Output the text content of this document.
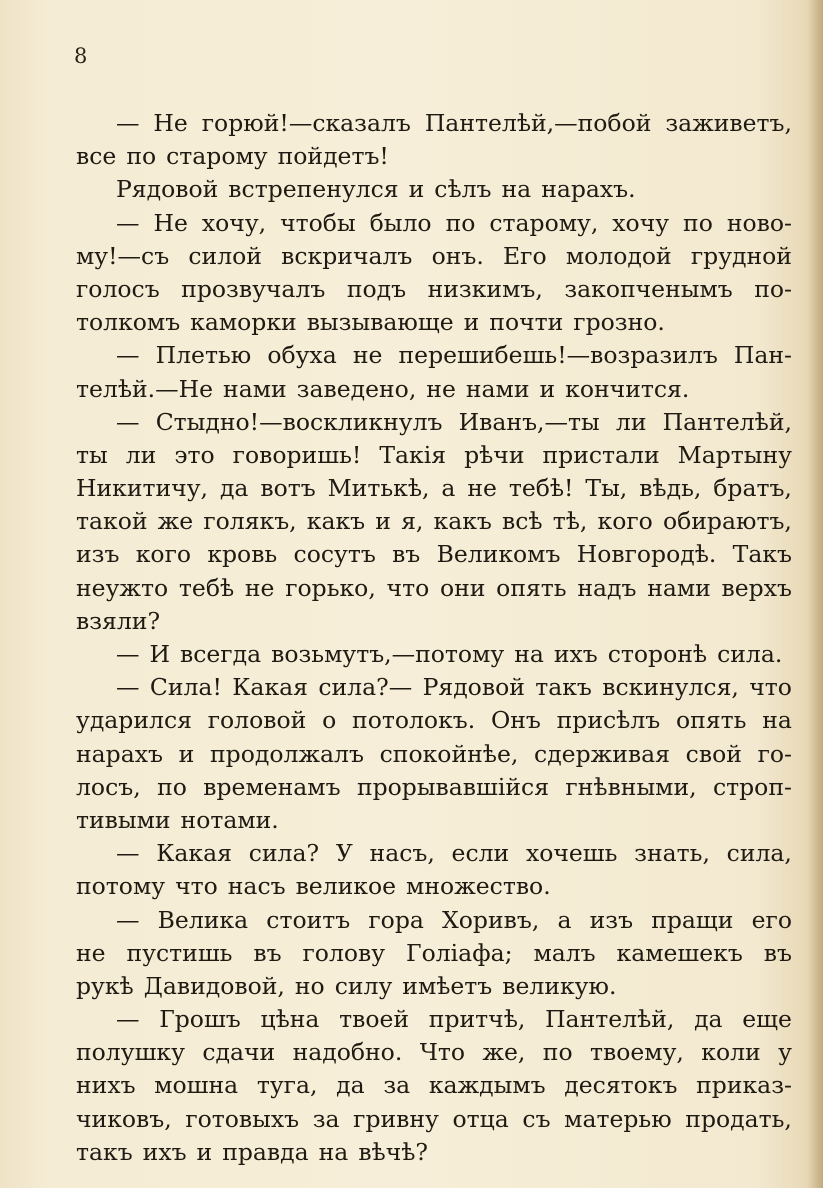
8
— Не горюй!—сказалъ Пантелѣй,—побой заживетъ,
все по старому пойдетъ!
Рядовой встрепенулся и сѣлъ на нарахъ.
— Не хочу, чтобы было по старому, хочу по ново-
му!—съ силой вскричалъ онъ. Его молодой грудной
голосъ прозвучалъ подъ низкимъ, закопченымъ по-
толкомъ каморки вызывающе и почти грозно.
— Плетью обуха не перешибешь!—возразилъ Пан-
телѣй.—Не нами заведено, не нами и кончится.
— Стыдно!—воскликнулъ Иванъ,—ты ли Пантелѣй,
ты ли это говоришь! Такія рѣчи пристали Мартыну
Никитичу, да вотъ Митькѣ, а не тебѣ! Ты, вѣдь, братъ,
такой же голякъ, какъ и я, какъ всѣ тѣ, кого обираютъ,
изъ кого кровь сосутъ въ Великомъ Новгородѣ. Такъ
неужто тебѣ не горько, что они опять надъ нами верхъ
взяли?
— И всегда возьмутъ,—потому на ихъ сторонѣ сила.
— Сила! Какая сила?— Рядовой такъ вскинулся, что
ударился головой о потолокъ. Онъ присѣлъ опять на
нарахъ и продолжалъ спокойнѣе, сдерживая свой го-
лосъ, по временамъ прорывавшійся гнѣвными, строп-
тивыми нотами.
— Какая сила? У насъ, если хочешь знать, сила,
потому что насъ великое множество.
— Велика стоитъ гора Хоривъ, а изъ пращи его
не пустишь въ голову Голіафа; малъ камешекъ въ
рукѣ Давидовой, но силу имѣетъ великую.
— Грошъ цѣна твоей притчѣ, Пантелѣй, да еще
полушку сдачи надобно. Что же, по твоему, коли у
нихъ мошна туга, да за каждымъ десятокъ приказ-
чиковъ, готовыхъ за гривну отца съ матерью продать,
такъ ихъ и правда на вѣчѣ?
